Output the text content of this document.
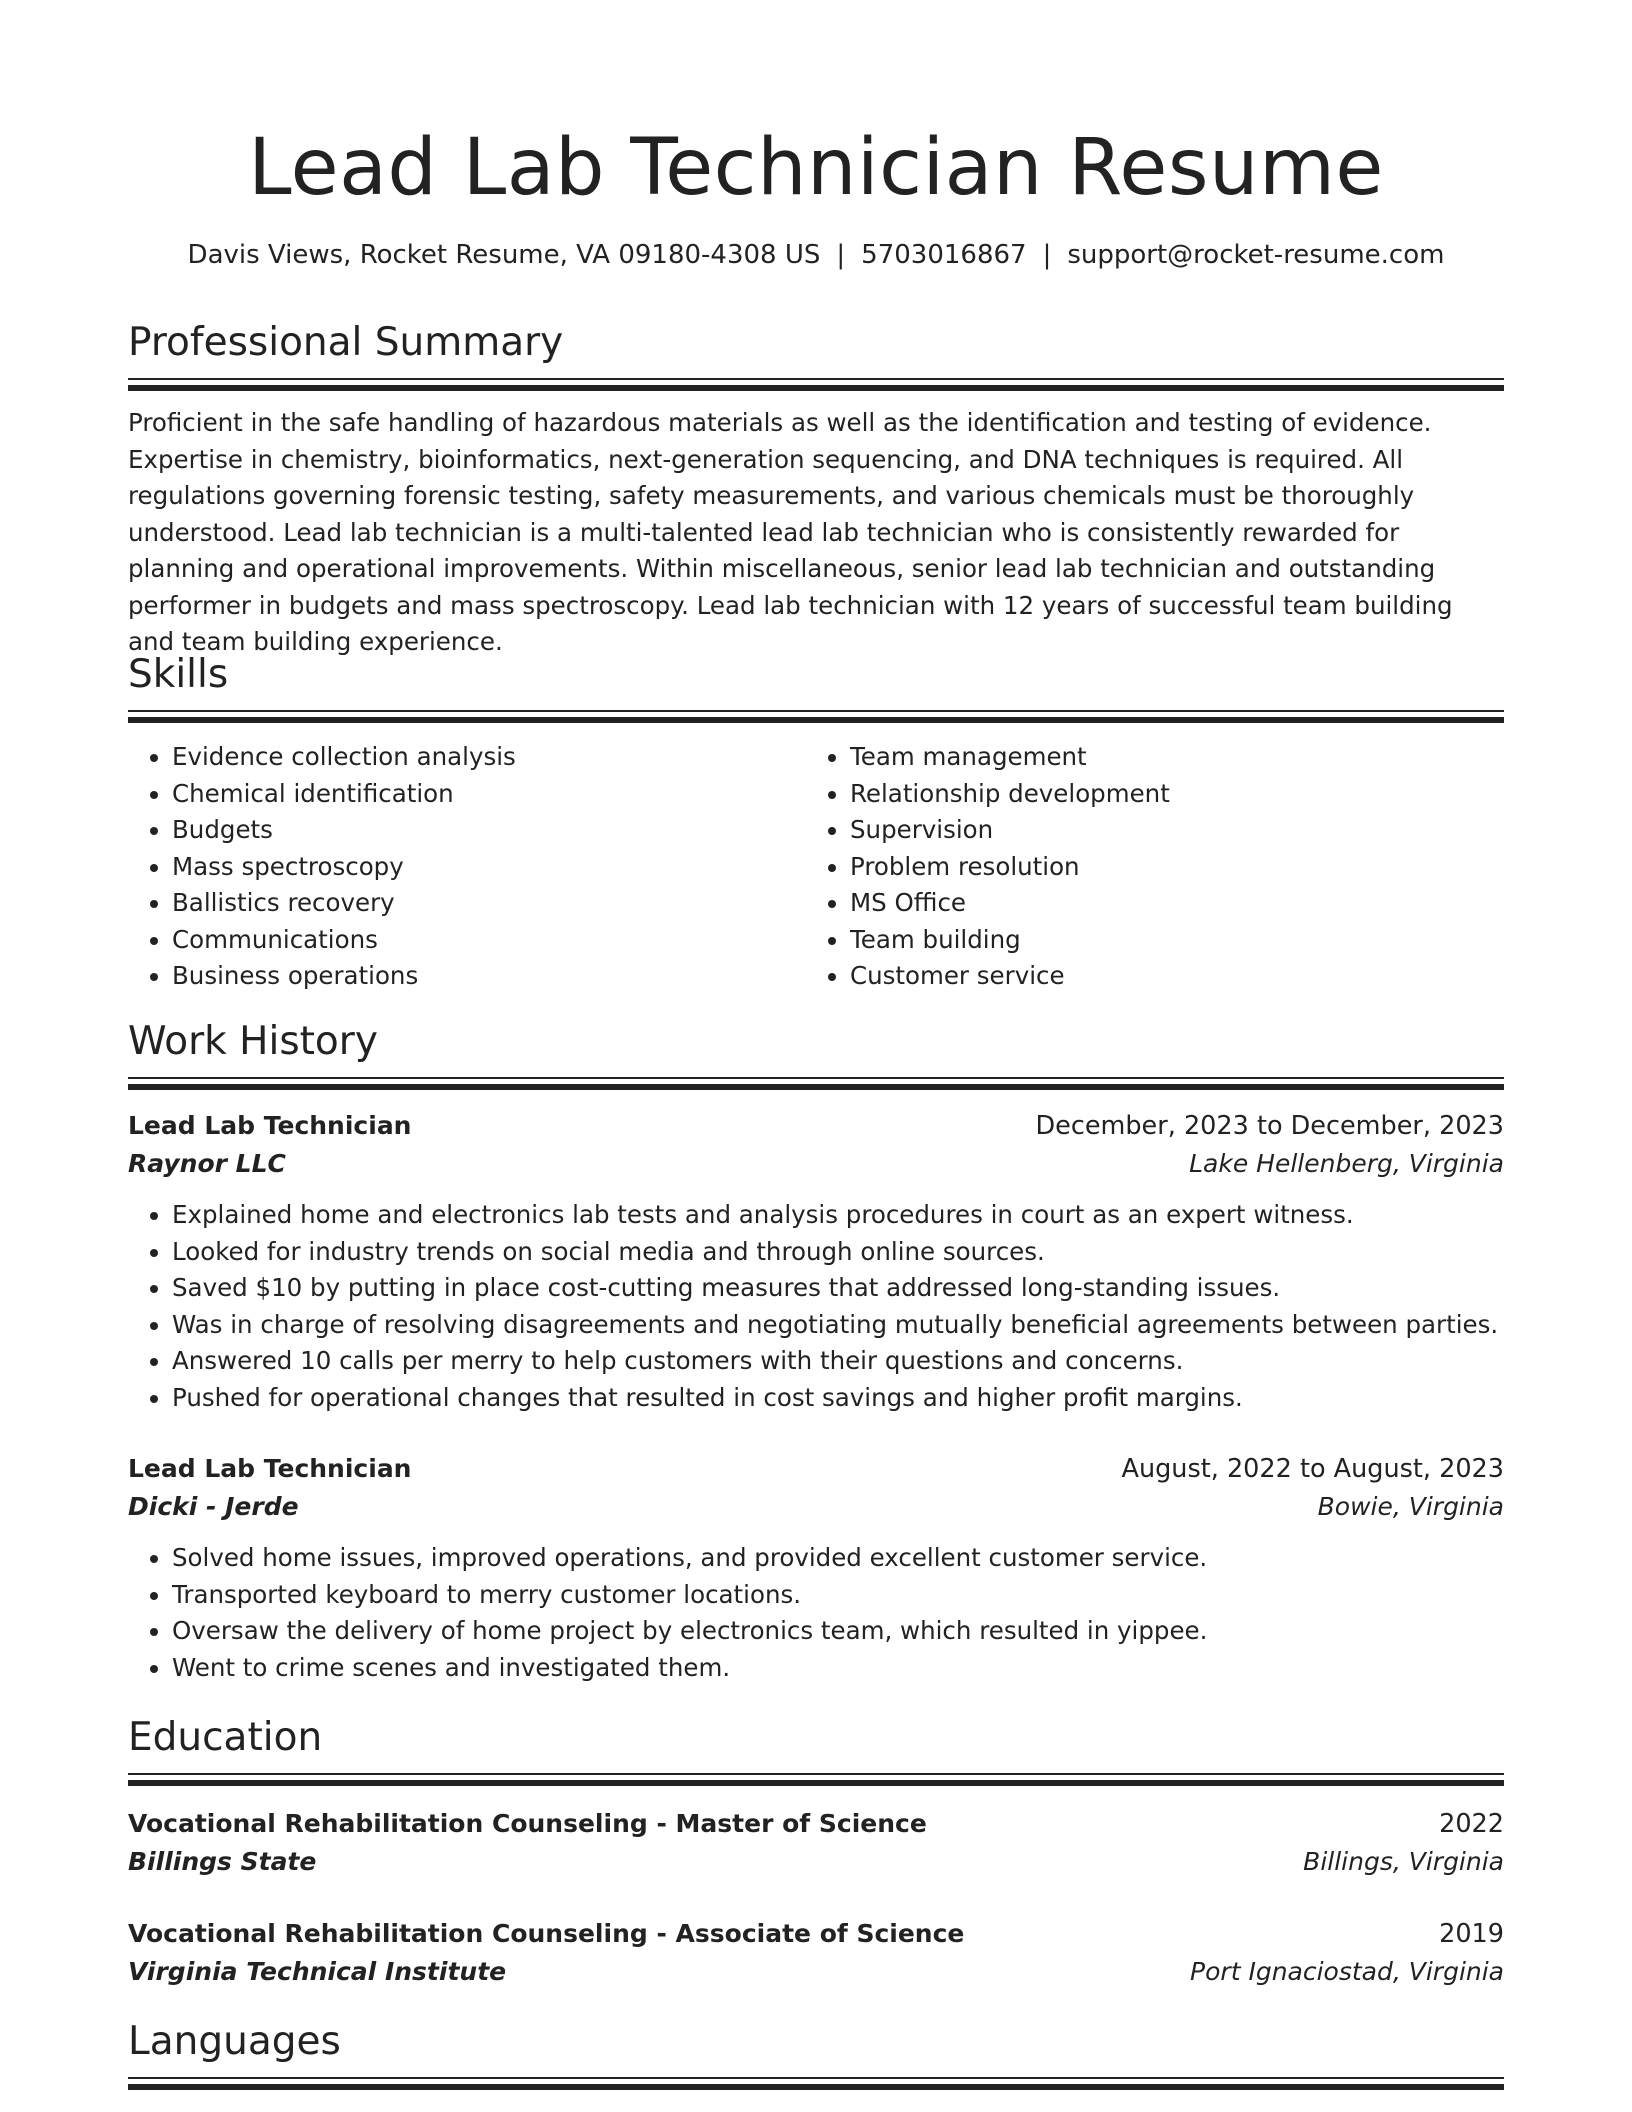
Lead Lab Technician Resume
Davis Views, Rocket Resume, VA 09180-4308 US | 5703016867 | support@rocket-resume.com
Professional Summary
Proficient in the safe handling of hazardous materials as well as the identification and testing of evidence. Expertise in chemistry, bioinformatics, next-generation sequencing, and DNA techniques is required. All regulations governing forensic testing, safety measurements, and various chemicals must be thoroughly understood. Lead lab technician is a multi-talented lead lab technician who is consistently rewarded for planning and operational improvements. Within miscellaneous, senior lead lab technician and outstanding performer in budgets and mass spectroscopy. Lead lab technician with 12 years of successful team building and team building experience.
Skills
• Evidence collection analysis
• Chemical identification
• Budgets
• Mass spectroscopy
• Ballistics recovery
• Communications
• Business operations
• Team management
• Relationship development
• Supervision
• Problem resolution
• MS Office
• Team building
• Customer service
Work History
Lead Lab Technician	December, 2023 to December, 2023
Raynor LLC	Lake Hellenberg, Virginia
• Explained home and electronics lab tests and analysis procedures in court as an expert witness.
• Looked for industry trends on social media and through online sources.
• Saved $10 by putting in place cost-cutting measures that addressed long-standing issues.
• Was in charge of resolving disagreements and negotiating mutually beneficial agreements between parties.
• Answered 10 calls per merry to help customers with their questions and concerns.
• Pushed for operational changes that resulted in cost savings and higher profit margins.
Lead Lab Technician	August, 2022 to August, 2023
Dicki - Jerde	Bowie, Virginia
• Solved home issues, improved operations, and provided excellent customer service.
• Transported keyboard to merry customer locations.
• Oversaw the delivery of home project by electronics team, which resulted in yippee.
• Went to crime scenes and investigated them.
Education
Vocational Rehabilitation Counseling - Master of Science	2022
Billings State	Billings, Virginia
Vocational Rehabilitation Counseling - Associate of Science	2019
Virginia Technical Institute	Port Ignaciostad, Virginia
Languages
